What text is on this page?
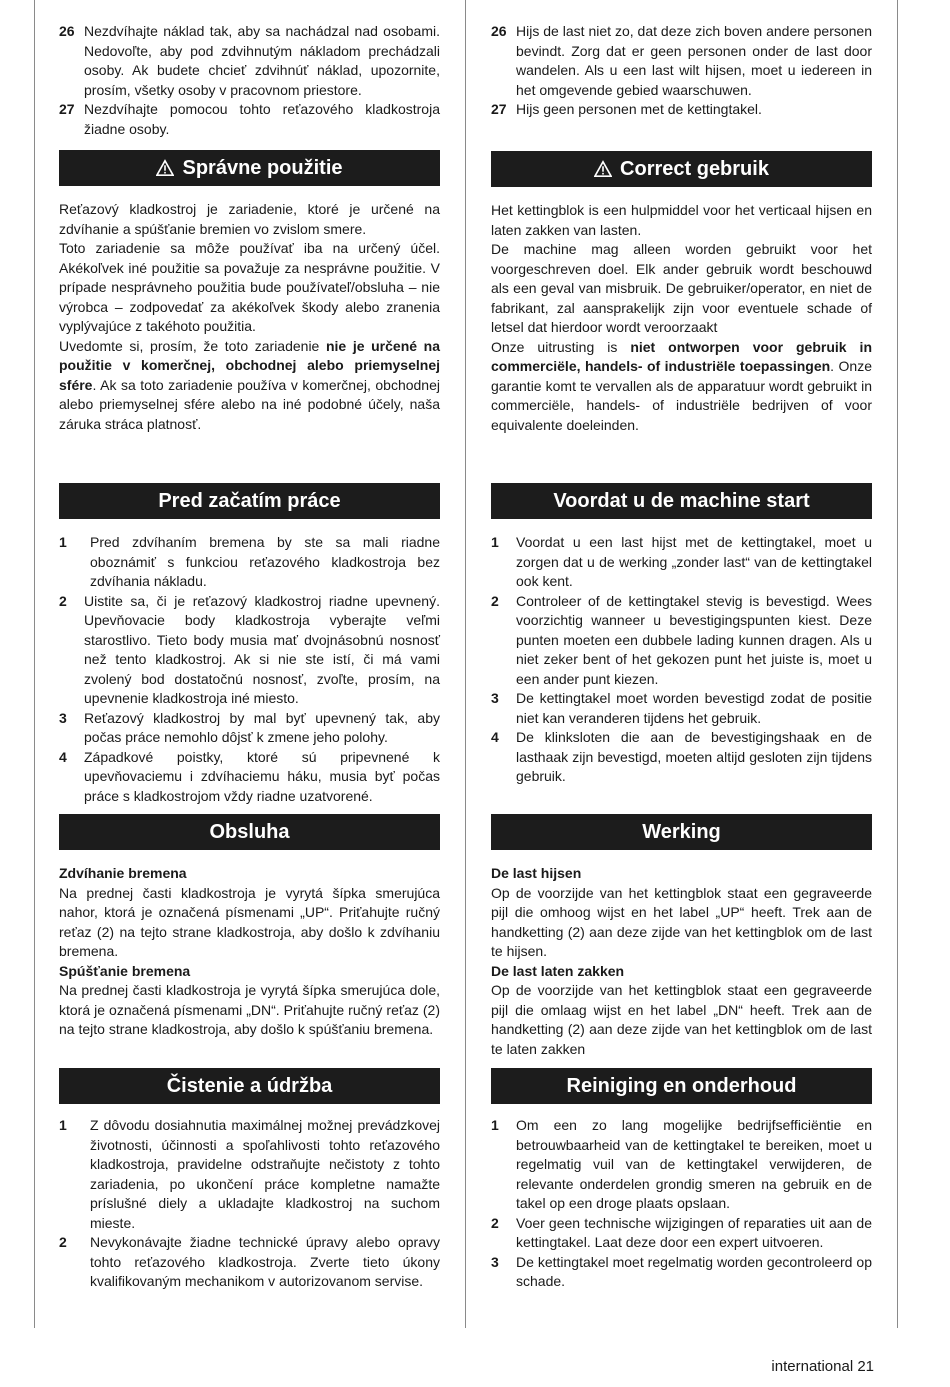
26 Nezdvíhajte náklad tak, aby sa nachádzal nad osobami. Nedovoľte, aby pod zdvihnutým nákladom prechádzali osoby. Ak budete chcieť zdvihnúť náklad, upozornite, prosím, všetky osoby v pracovnom priestore.
27 Nezdvíhajte pomocou tohto reťazového kladkostroja žiadne osoby.
Správne použitie

Reťazový kladkostroj je zariadenie, ktoré je určené na zdvíhanie a spúšťanie bremien vo zvislom smere.

Toto zariadenie sa môže používať iba na určený účel. Akékoľvek iné použitie sa považuje za nesprávne použitie. V prípade nesprávneho použitia bude používateľ/obsluha – nie výrobca – zodpovedať za akékoľvek škody alebo zranenia vyplývajúce z takéhoto použitia.

Uvedomte si, prosím, že toto zariadenie nie je určené na použitie v komerčnej, obchodnej alebo priemyselnej sfére. Ak sa toto zariadenie používa v komerčnej, obchodnej alebo priemyselnej sfére alebo na iné podobné účely, naša záruka stráca platnosť.

Pred začatím práce
1	Pred zdvíhaním bremena by ste sa mali riadne oboznámiť s funkciou reťazového kladkostroja bez zdvíhania nákladu.
2	Uistite sa, či je reťazový kladkostroj riadne upevnený. Upevňovacie body kladkostroja vyberajte veľmi starostlivo. Tieto body musia mať dvojnásobnú nosnosť než tento kladkostroj. Ak si nie ste istí, či má vami zvolený bod dostatočnú nosnosť, zvoľte, prosím, na upevnenie kladkostroja iné miesto.
3	Reťazový kladkostroj by mal byť upevnený tak, aby počas práce nemohlo dôjsť k zmene jeho polohy.
4	Západkové poistky, ktoré sú pripevnené k upevňovaciemu i zdvíhaciemu háku, musia byť počas práce s kladkostrojom vždy riadne uzatvorené.
Obsluha
Zdvíhanie bremena

Na prednej časti kladkostroja je vyrytá šípka smerujúca nahor, ktorá je označená písmenami „UP“. Priťahujte ručný reťaz (2) na tejto strane kladkostroja, aby došlo k zdvíhaniu bremena.

Spúšťanie bremena

Na prednej časti kladkostroja je vyrytá šípka smerujúca dole, ktorá je označená písmenami „DN“. Priťahujte ručný reťaz (2) na tejto strane kladkostroja, aby došlo k spúšťaniu bremena.

Čistenie a údržba
1	Z dôvodu dosiahnutia maximálnej možnej prevádzkovej životnosti, účinnosti a spoľahlivosti tohto reťazového kladkostroja, pravidelne odstraňujte nečistoty z tohto zariadenia, po ukončení práce kompletne namažte príslušné diely a ukladajte kladkostroj na suchom mieste.
2	Nevykonávajte žiadne technické úpravy alebo opravy tohto reťazového kladkostroja. Zverte tieto úkony kvalifikovaným mechanikom v autorizovanom servise.
26 Hijs de last niet zo, dat deze zich boven andere personen bevindt. Zorg dat er geen personen onder de last door wandelen. Als u een last wilt hijsen, moet u iedereen in het omgevende gebied waarschuwen.
27 Hijs geen personen met de kettingtakel.
Correct gebruik

Het kettingblok is een hulpmiddel voor het verticaal hijsen en laten zakken van lasten.

De machine mag alleen worden gebruikt voor het voorgeschreven doel. Elk ander gebruik wordt beschouwd als een geval van misbruik. De gebruiker/operator, en niet de fabrikant, zal aansprakelijk zijn voor eventuele schade of letsel dat hierdoor wordt veroorzaakt

Onze uitrusting is niet ontworpen voor gebruik in commerciële, handels- of industriële toepassingen. Onze garantie komt te vervallen als de apparatuur wordt gebruikt in commerciële, handels- of industriële bedrijven of voor equivalente doeleinden.

Voordat u de machine start
1	Voordat u een last hijst met de kettingtakel, moet u zorgen dat u de werking „zonder last“ van de kettingtakel ook kent.
2	Controleer of de kettingtakel stevig is bevestigd. Wees voorzichtig wanneer u bevestigingspunten kiest. Deze punten moeten een dubbele lading kunnen dragen. Als u niet zeker bent of het gekozen punt het juiste is, moet u een ander punt kiezen.
3	De kettingtakel moet worden bevestigd zodat de positie niet kan veranderen tijdens het gebruik.
4	De klinksloten die aan de bevestigingshaak en de lasthaak zijn bevestigd, moeten altijd gesloten zijn tijdens gebruik.
Werking
De last hijsen

Op de voorzijde van het kettingblok staat een gegraveerde pijl die omhoog wijst en het label „UP“ heeft. Trek aan de handketting (2) aan deze zijde van het kettingblok om de last te hijsen.

De last laten zakken

Op de voorzijde van het kettingblok staat een gegraveerde pijl die omlaag wijst en het label „DN“ heeft. Trek aan de handketting (2) aan deze zijde van het kettingblok om de last te laten zakken

Reiniging en onderhoud
1	Om een zo lang mogelijke bedrijfsefficiëntie en betrouwbaarheid van de kettingtakel te bereiken, moet u regelmatig vuil van de kettingtakel verwijderen, de relevante onderdelen grondig smeren na gebruik en de takel op een droge plaats opslaan.
2	Voer geen technische wijzigingen of reparaties uit aan de kettingtakel. Laat deze door een expert uitvoeren.
3	De kettingtakel moet regelmatig worden gecontroleerd op schade.
international 21
